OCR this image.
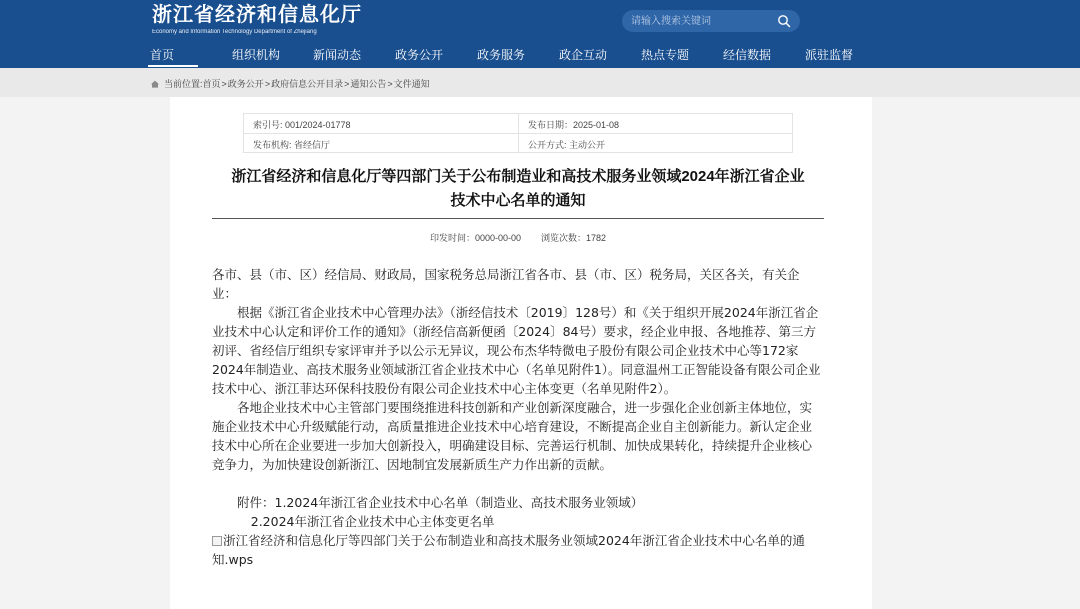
浙江省经济和信息化厅
Economy and Information Technology Department of Zhejiang
请输入搜索关键词
首页	组织机构	新闻动态	政务公开	政务服务	政企互动	热点专题	经信数据	派驻监督
当前位置: 首页 > 政务公开 > 政府信息公开目录 > 通知公告 > 文件通知
索引号: 001/2024-01778	发布日期：2025-01-08
发布机构: 省经信厅	公开方式: 主动公开
浙江省经济和信息化厅等四部门关于公布制造业和高技术服务业领域2024年浙江省企业
技术中心名单的通知
印发时间：0000-00-00 浏览次数：1782

各市、县（市、区）经信局、财政局，国家税务总局浙江省各市、县（市、区）税务局，关区各关，有关企业：

根据《浙江省企业技术中心管理办法》（浙经信技术〔2019〕128号）和《关于组织开展2024年浙江省企业技术中心认定和评价工作的通知》（浙经信高新便函〔2024〕84号）要求，经企业申报、各地推荐、第三方初评、省经信厅组织专家评审并予以公示无异议，现公布杰华特微电子股份有限公司企业技术中心等172家2024年制造业、高技术服务业领域浙江省企业技术中心（名单见附件1）。同意温州工正智能设备有限公司企业技术中心、浙江菲达环保科技股份有限公司企业技术中心主体变更（名单见附件2）。

各地企业技术中心主管部门要围绕推进科技创新和产业创新深度融合，进一步强化企业创新主体地位，实施企业技术中心升级赋能行动，高质量推进企业技术中心培育建设，不断提高企业自主创新能力。新认定企业技术中心所在企业要进一步加大创新投入，明确建设目标、完善运行机制、加快成果转化，持续提升企业核心竞争力，为加快建设创新浙江、因地制宜发展新质生产力作出新的贡献。

附件：1.2024年浙江省企业技术中心名单（制造业、高技术服务业领域）

2.2024年浙江省企业技术中心主体变更名单

浙江省经济和信息化厅等四部门关于公布制造业和高技术服务业领域2024年浙江省企业技术中心名单的通知.wps
